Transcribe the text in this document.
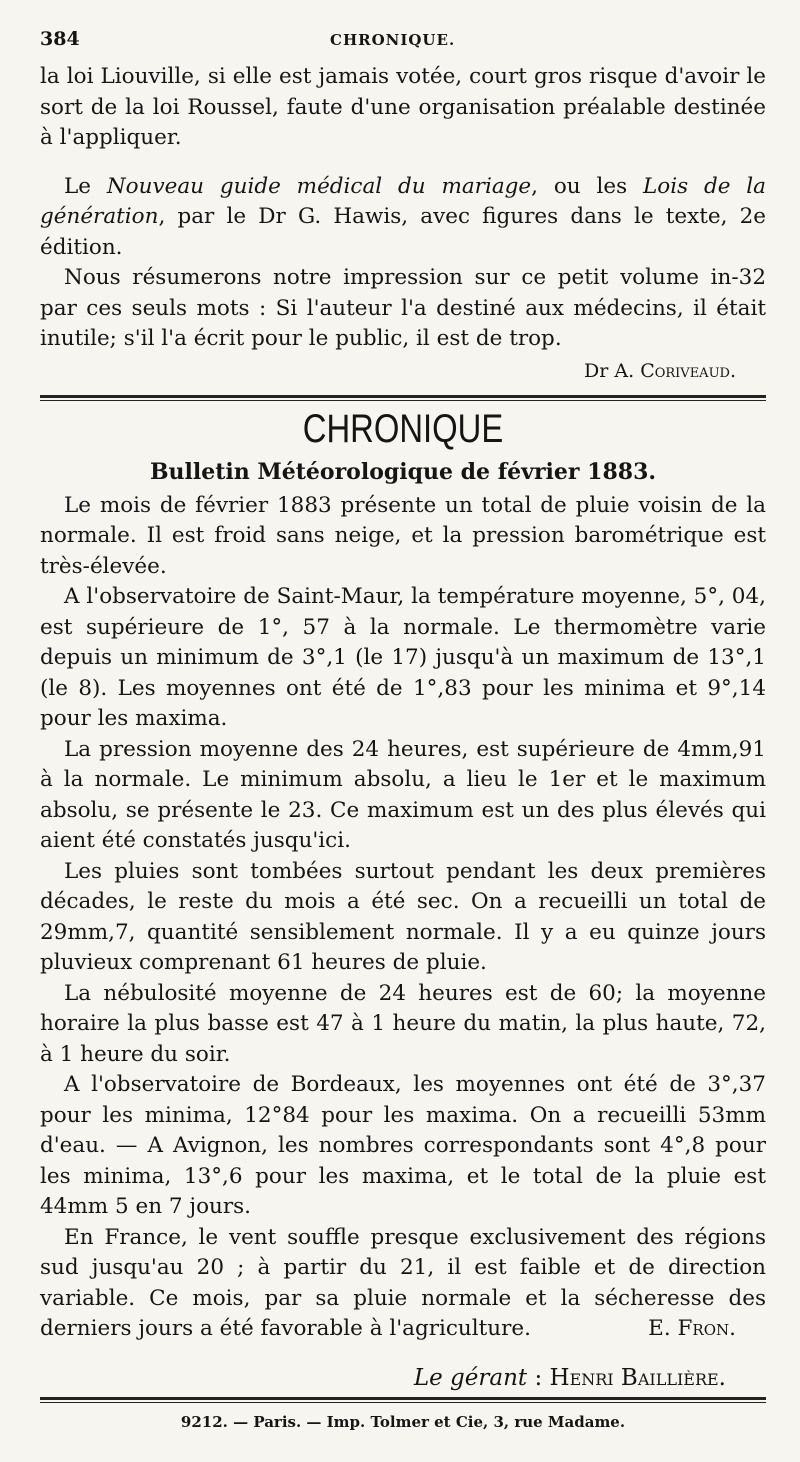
384	CHRONIQUE.

la loi Liouville, si elle est jamais votée, court gros risque d'avoir le sort de la loi Roussel, faute d'une organisation préalable destinée à l'appliquer.

Le Nouveau guide médical du mariage, ou les Lois de la génération, par le Dr G. Hawis, avec figures dans le texte, 2e édition.

Nous résumerons notre impression sur ce petit volume in-32 par ces seuls mots : Si l'auteur l'a destiné aux médecins, il était inutile; s'il l'a écrit pour le public, il est de trop.

Dr A. Coriveaud.
CHRONIQUE
Bulletin Météorologique de février 1883.

Le mois de février 1883 présente un total de pluie voisin de la normale. Il est froid sans neige, et la pression barométrique est très-élevée.

A l'observatoire de Saint-Maur, la température moyenne, 5°, 04, est supérieure de 1°, 57 à la normale. Le thermomètre varie depuis un minimum de 3°,1 (le 17) jusqu'à un maximum de 13°,1 (le 8). Les moyennes ont été de 1°,83 pour les minima et 9°,14 pour les maxima.

La pression moyenne des 24 heures, est supérieure de 4mm,91 à la normale. Le minimum absolu, a lieu le 1er et le maximum absolu, se présente le 23. Ce maximum est un des plus élevés qui aient été constatés jusqu'ici.

Les pluies sont tombées surtout pendant les deux premières décades, le reste du mois a été sec. On a recueilli un total de 29mm,7, quantité sensiblement normale. Il y a eu quinze jours pluvieux comprenant 61 heures de pluie.

La nébulosité moyenne de 24 heures est de 60; la moyenne horaire la plus basse est 47 à 1 heure du matin, la plus haute, 72, à 1 heure du soir.

A l'observatoire de Bordeaux, les moyennes ont été de 3°,37 pour les minima, 12°84 pour les maxima. On a recueilli 53mm d'eau. — A Avignon, les nombres correspondants sont 4°,8 pour les minima, 13°,6 pour les maxima, et le total de la pluie est 44mm 5 en 7 jours.

En France, le vent souffle presque exclusivement des régions sud jusqu'au 20 ; à partir du 21, il est faible et de direction variable. Ce mois, par sa pluie normale et la sécheresse des derniers jours a été favorable à l'agriculture.	E. Fron.

Le gérant : Henri Baillière.
9212. — Paris. — Imp. Tolmer et Cie, 3, rue Madame.
